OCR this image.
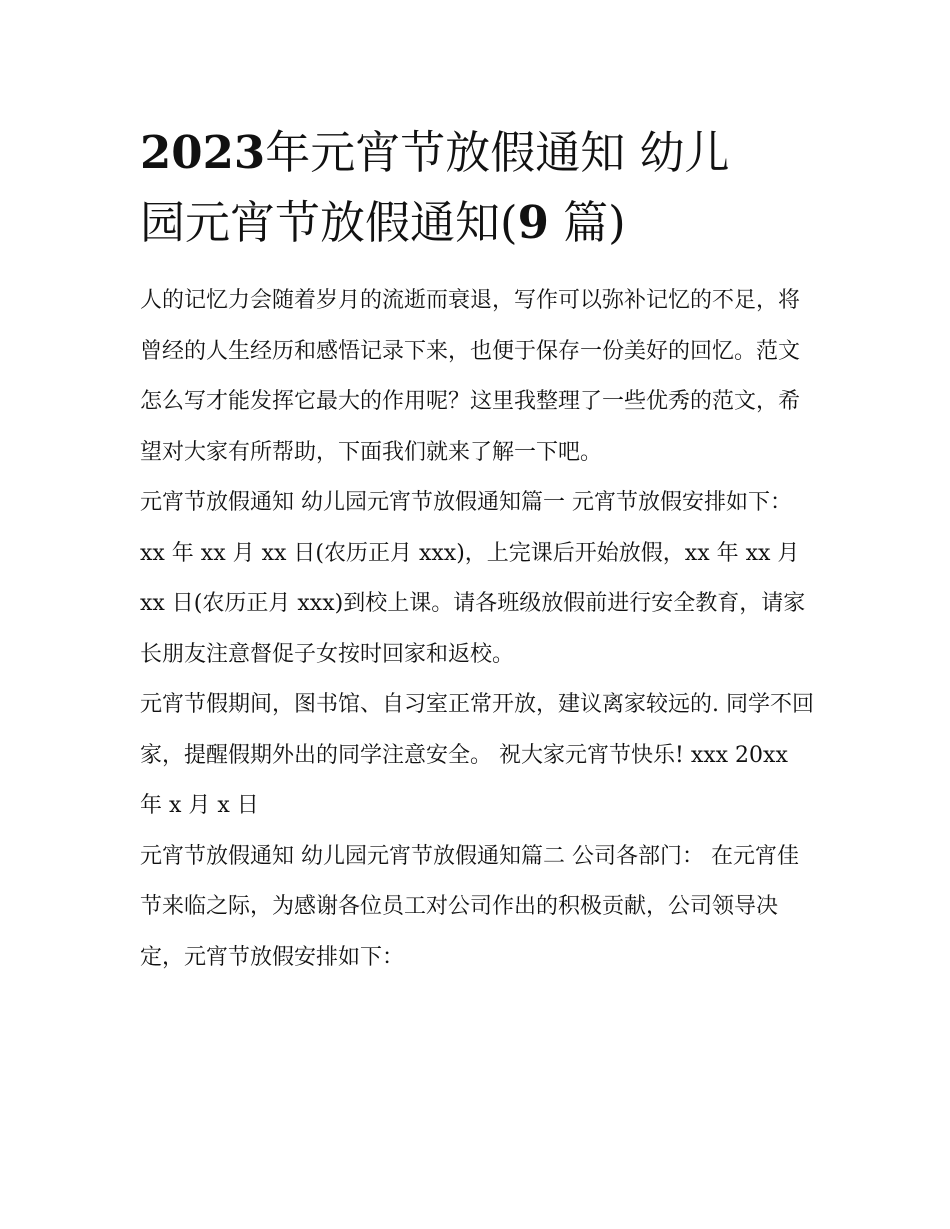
2023年元宵节放假通知 幼儿
园元宵节放假通知(9 篇)

人的记忆力会随着岁月的流逝而衰退，写作可以弥补记忆的不足，将曾经的人生经历和感悟记录下来，也便于保存一份美好的回忆。范文怎么写才能发挥它最大的作用呢？这里我整理了一些优秀的范文，希望对大家有所帮助，下面我们就来了解一下吧。

元宵节放假通知 幼儿园元宵节放假通知篇一 元宵节放假安排如下：

xx 年 xx 月 xx 日(农历正月 xxx)，上完课后开始放假，xx 年 xx 月 xx 日(农历正月 xxx)到校上课。请各班级放假前进行安全教育，请家长朋友注意督促子女按时回家和返校。

元宵节假期间，图书馆、自习室正常开放，建议离家较远的. 同学不回家，提醒假期外出的同学注意安全。 祝大家元宵节快乐! xxx 20xx 年 x 月 x 日

元宵节放假通知 幼儿园元宵节放假通知篇二 公司各部门： 在元宵佳节来临之际，为感谢各位员工对公司作出的积极贡献，公司领导决定，元宵节放假安排如下：
